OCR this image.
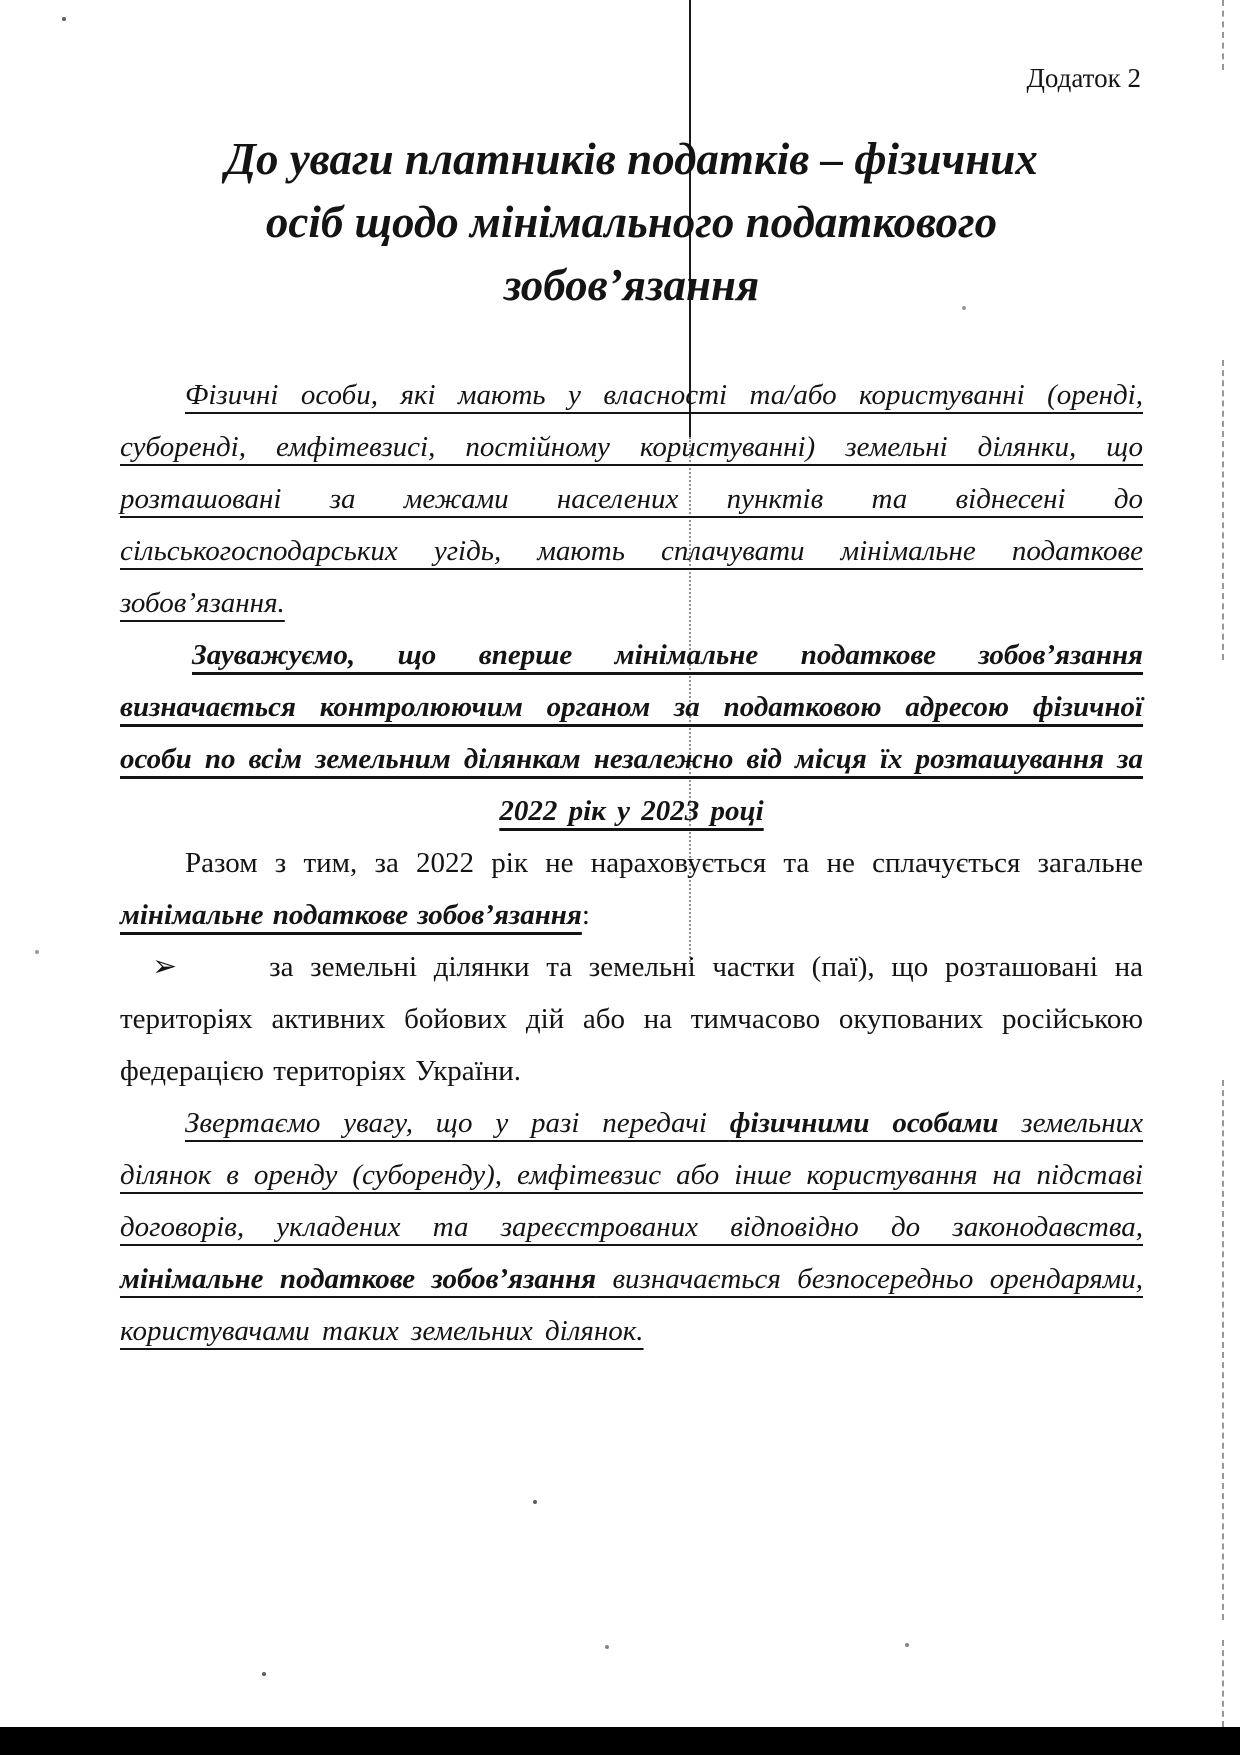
Додаток 2
До уваги платників податків – фізичних
осіб щодо мінімального податкового
зобов’язання

Фізичні особи, які мають у власності та/або користуванні (оренді, суборенді, емфітевзисі, постійному користуванні) земельні ділянки, що розташовані за межами населених пунктів та віднесені до сільськогосподарських угідь, мають сплачувати мінімальне податкове зобов’язання.

Зауважуємо, що вперше мінімальне податкове зобов’язання визначається контролюючим органом за податковою адресою фізичної особи по всім земельним ділянкам незалежно від місця їх розташування за 2022 рік у 2023 році

Разом з тим, за 2022 рік не нараховується та не сплачується загальне мінімальне податкове зобов’язання:

➢	за земельні ділянки та земельні частки (паї), що розташовані на територіях активних бойових дій або на тимчасово окупованих російською федерацією територіях України.

Звертаємо увагу, що у разі передачі фізичними особами земельних ділянок в оренду (суборенду), емфітевзис або інше користування на підставі договорів, укладених та зареєстрованих відповідно до законодавства, мінімальне податкове зобов’язання визначається безпосередньо орендарями, користувачами таких земельних ділянок.
